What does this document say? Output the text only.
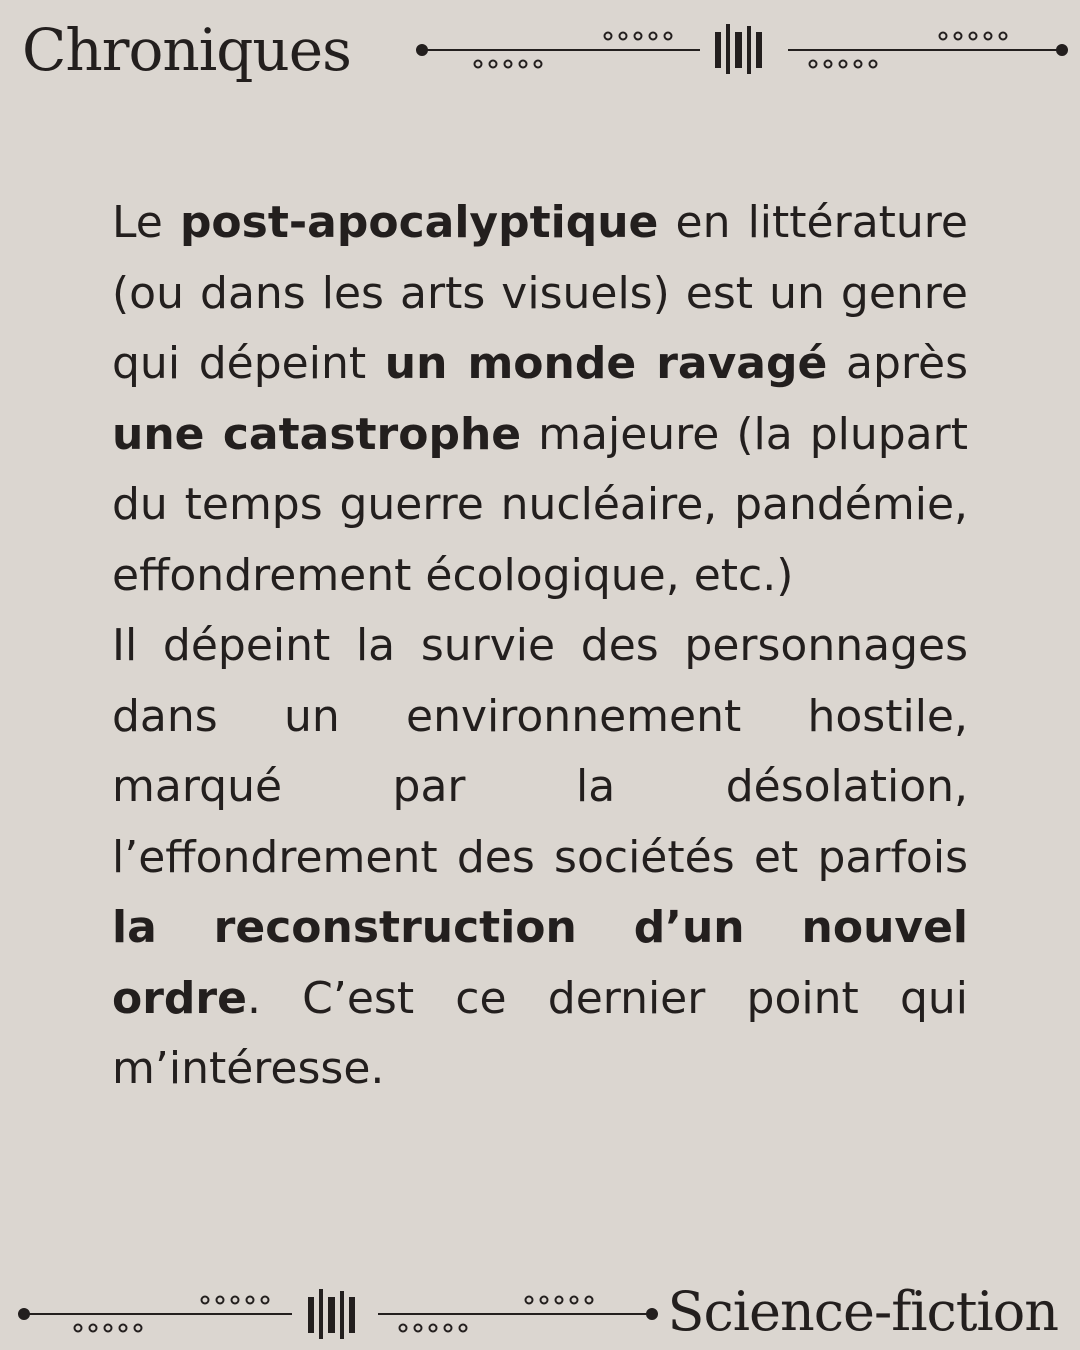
Chroniques

Le post-apocalyptique en littérature (ou dans les arts visuels) est un genre qui dépeint un monde ravagé après une catastrophe majeure (la plupart du temps guerre nucléaire, pandémie, effondrement écologique, etc.)

Il dépeint la survie des personnages dans un environnement hostile, marqué par la désolation, l’effondrement des sociétés et parfois la reconstruction d’un nouvel ordre. C’est ce dernier point qui m’intéresse.

Science-fiction
